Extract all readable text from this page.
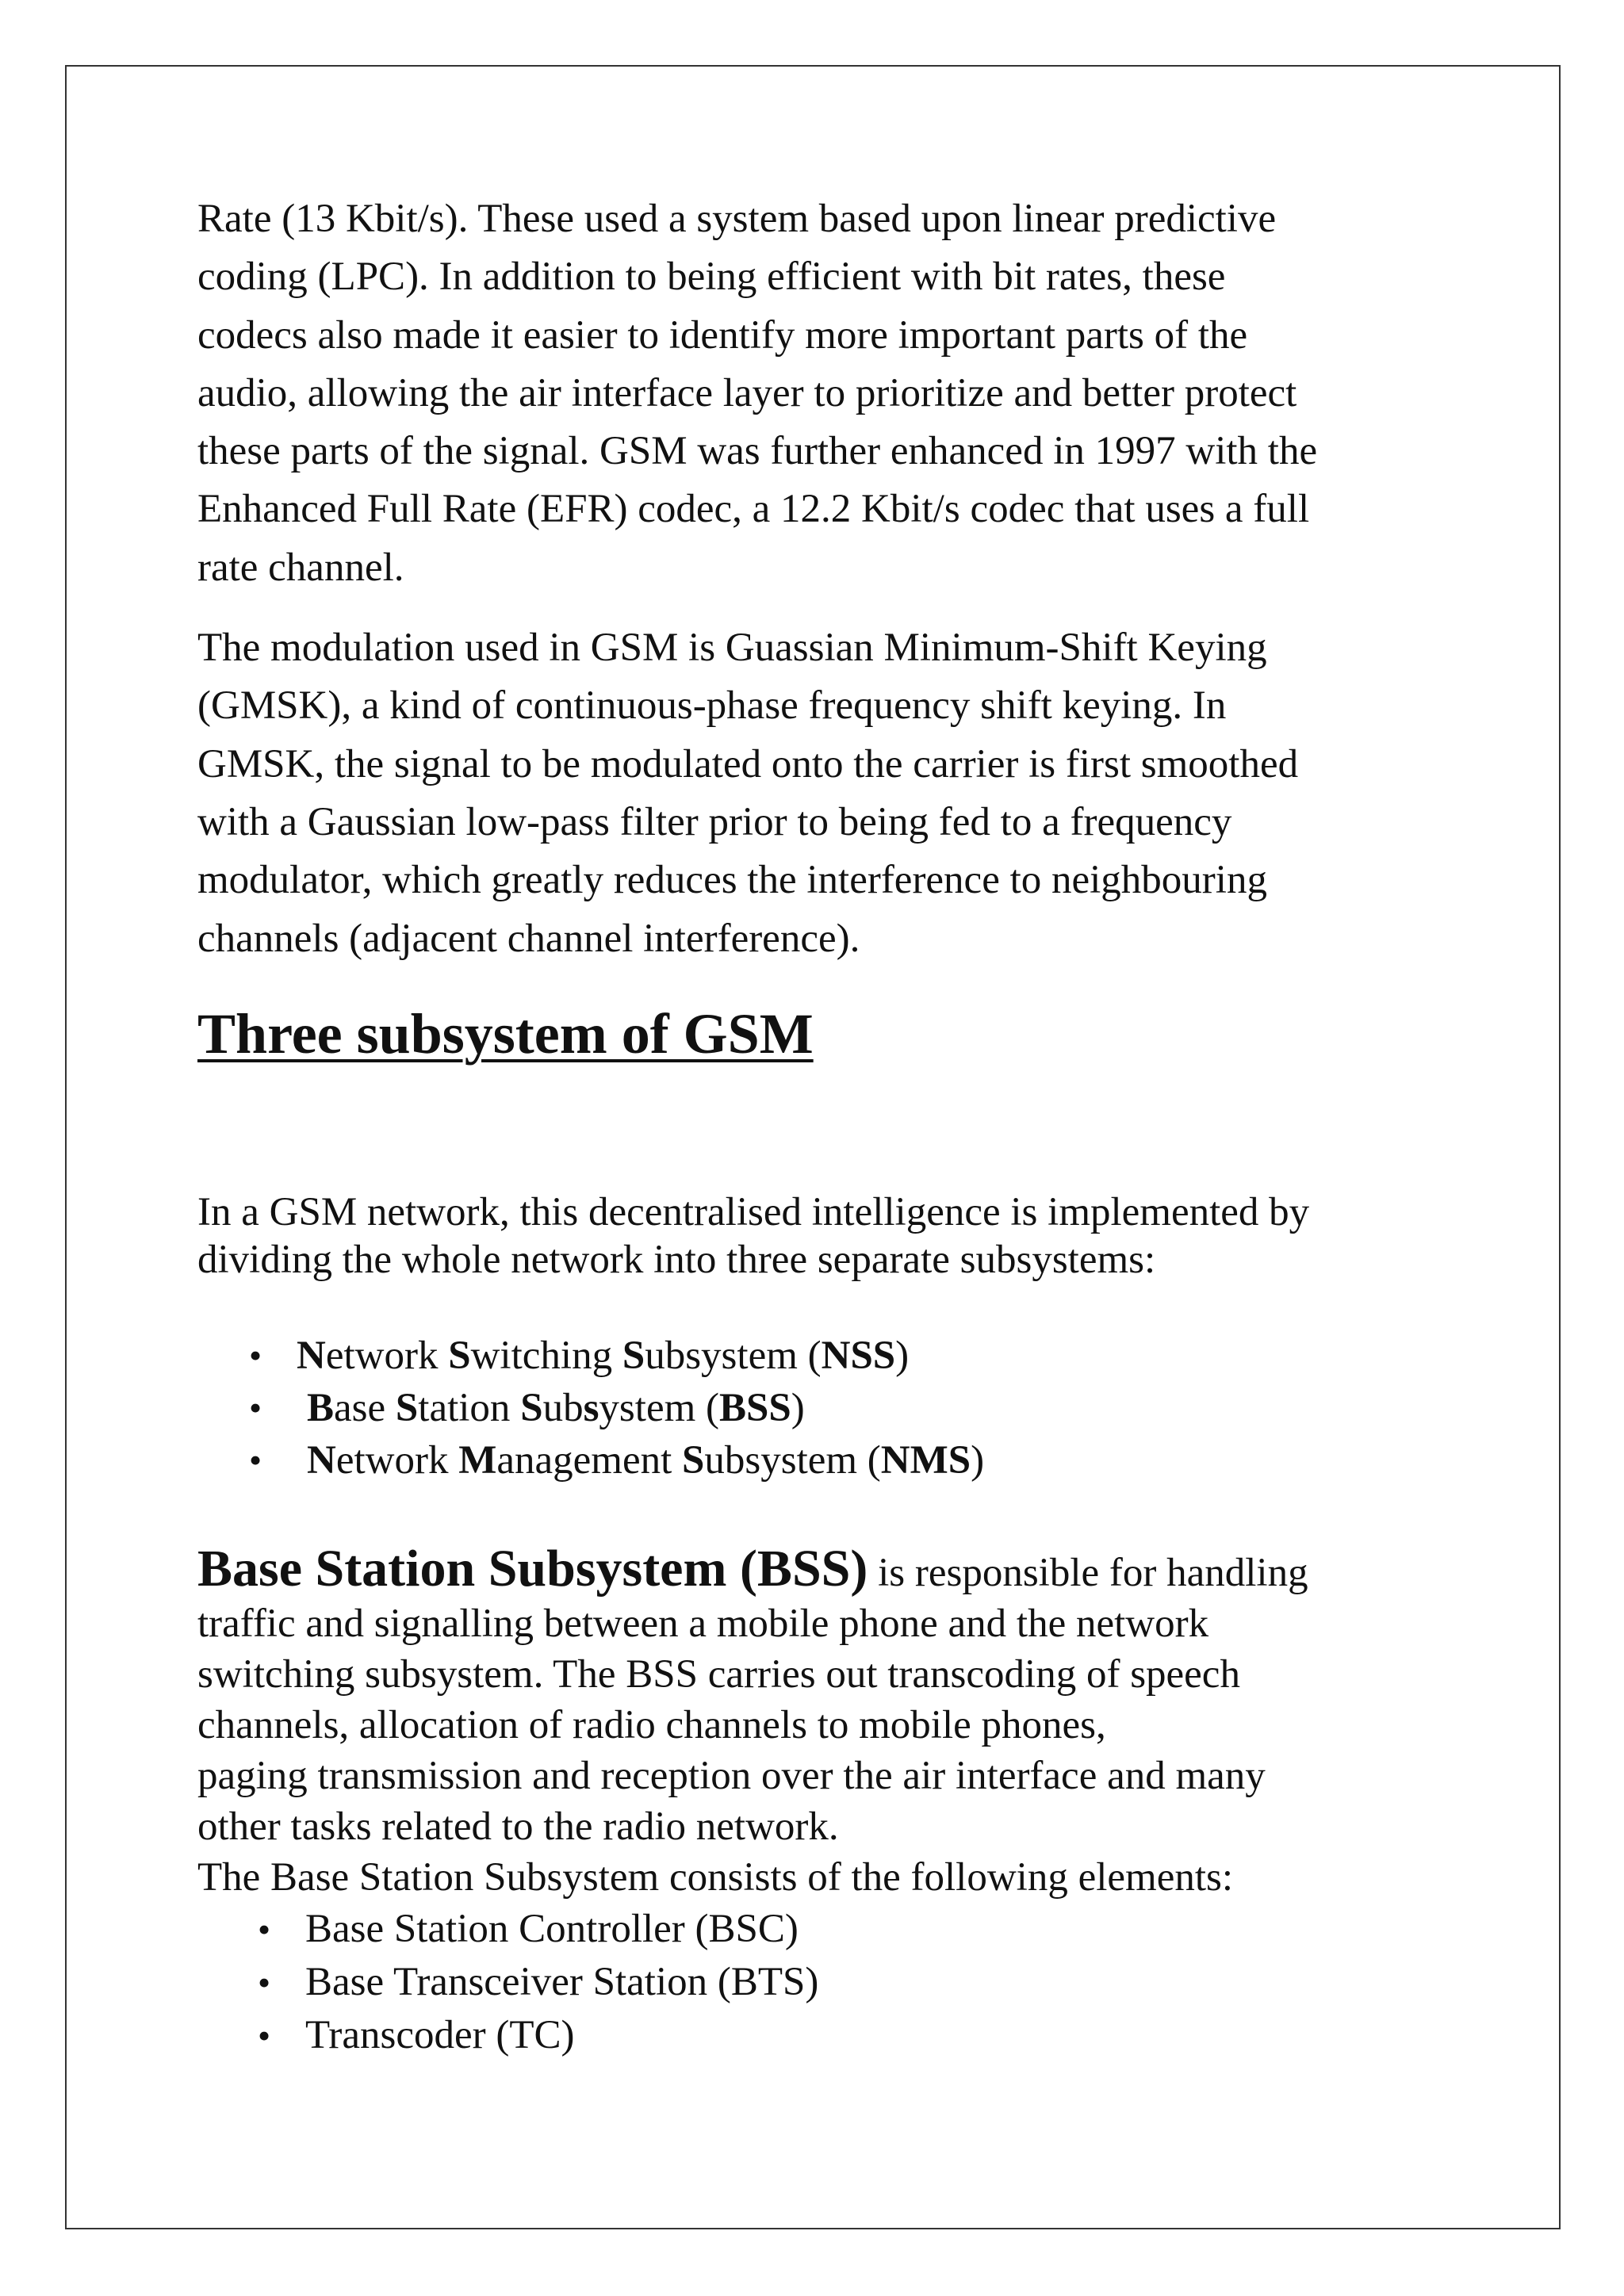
Rate (13 Kbit/s). These used a system based upon linear predictive
coding (LPC). In addition to being efficient with bit rates, these
codecs also made it easier to identify more important parts of the
audio, allowing the air interface layer to prioritize and better protect
these parts of the signal. GSM was further enhanced in 1997 with the
Enhanced Full Rate (EFR) codec, a 12.2 Kbit/s codec that uses a full
rate channel.

The modulation used in GSM is Guassian Minimum-Shift Keying
(GMSK), a kind of continuous-phase frequency shift keying. In
GMSK, the signal to be modulated onto the carrier is first smoothed
with a Gaussian low-pass filter prior to being fed to a frequency
modulator, which greatly reduces the interference to neighbouring
channels (adjacent channel interference).

Three subsystem of GSM

In a GSM network, this decentralised intelligence is implemented by
dividing the whole network into three separate subsystems:

• Network Switching Subsystem (NSS)
• Base Station Subsystem (BSS)
• Network Management Subsystem (NMS)
Base Station Subsystem (BSS) is responsible for handling
traffic and signalling between a mobile phone and the network
switching subsystem. The BSS carries out transcoding of speech
channels, allocation of radio channels to mobile phones,
paging transmission and reception over the air interface and many
other tasks related to the radio network.
The Base Station Subsystem consists of the following elements:
• Base Station Controller (BSC)
• Base Transceiver Station (BTS)
• Transcoder (TC)
